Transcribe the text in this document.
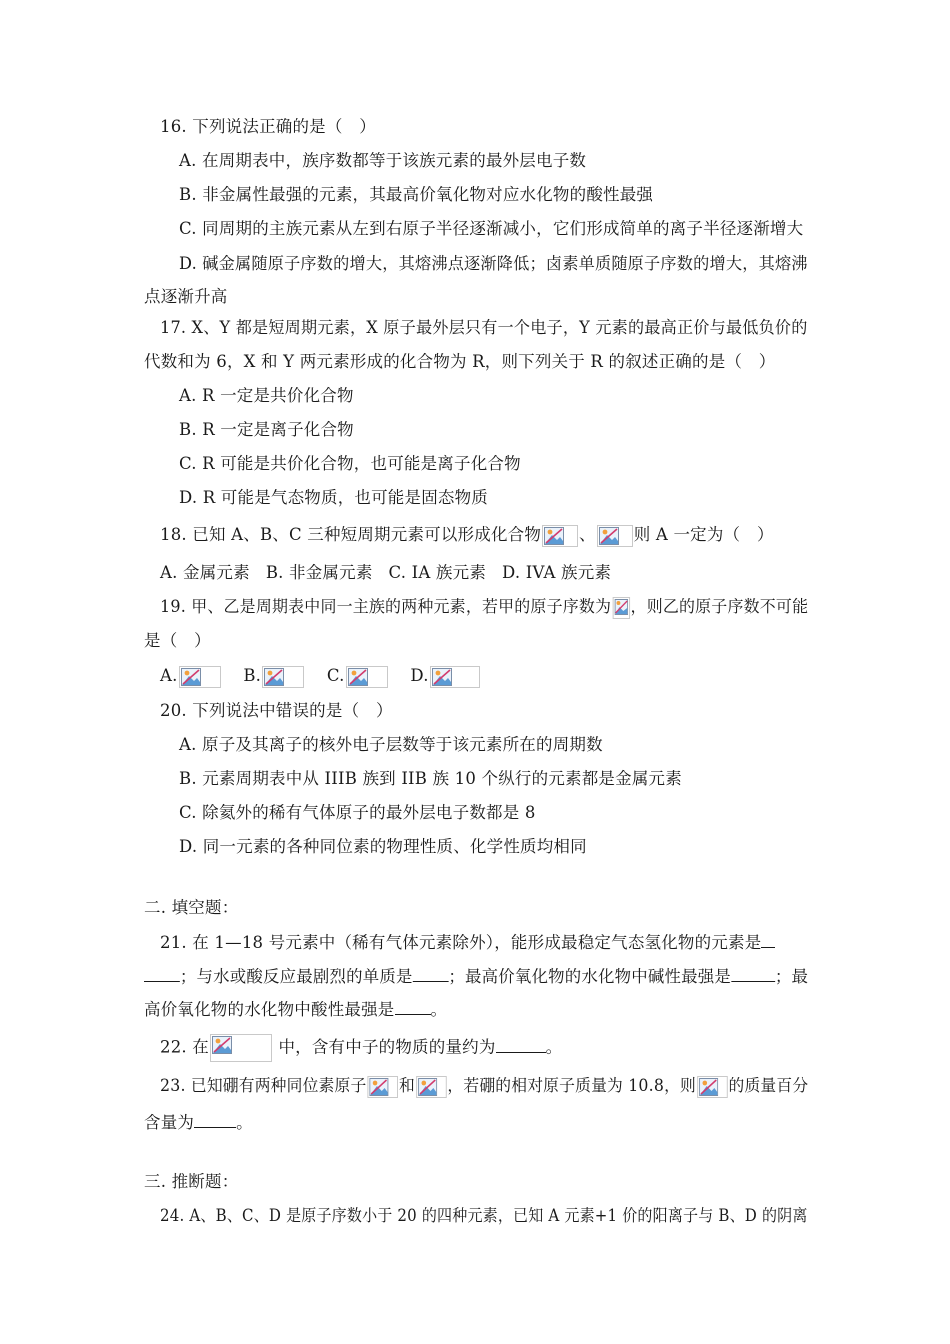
16. 下列说法正确的是（　）
A. 在周期表中，族序数都等于该族元素的最外层电子数
B. 非金属性最强的元素，其最高价氧化物对应水化物的酸性最强
C. 同周期的主族元素从左到右原子半径逐渐减小，它们形成简单的离子半径逐渐增大
D. 碱金属随原子序数的增大，其熔沸点逐渐降低；卤素单质随原子序数的增大，其熔沸
点逐渐升高
17. X、Y 都是短周期元素，X 原子最外层只有一个电子，Y 元素的最高正价与最低负价的
代数和为 6，X 和 Y 两元素形成的化合物为 R，则下列关于 R 的叙述正确的是（　）
A. R 一定是共价化合物
B. R 一定是离子化合物
C. R 可能是共价化合物，也可能是离子化合物
D. R 可能是气态物质，也可能是固态物质
18. 已知 A、B、C 三种短周期元素可以形成化合物 、 则 A 一定为（　）
A. 金属元素 B. 非金属元素 C. IA 族元素 D. IVA 族元素
19. 甲、乙是周期表中同一主族的两种元素，若甲的原子序数为 ，则乙的原子序数不可能
是（　）
A.	B.	C.	D.
20. 下列说法中错误的是（　）
A. 原子及其离子的核外电子层数等于该元素所在的周期数
B. 元素周期表中从 IIIB 族到 IIB 族 10 个纵行的元素都是金属元素
C. 除氦外的稀有气体原子的最外层电子数都是 8
D. 同一元素的各种同位素的物理性质、化学性质均相同
二. 填空题：
21. 在 1—18 号元素中（稀有气体元素除外），能形成最稳定气态氢化物的元素是
；与水或酸反应最剧烈的单质是 ；最高价氧化物的水化物中碱性最强是	；最
高价氧化物的水化物中酸性最强是 。
22. 在	中，含有中子的物质的量约为	。
23. 已知硼有两种同位素原子 和 ，若硼的相对原子质量为 10.8，则 的质量百分
含量为	。
三. 推断题：
24. A、B、C、D 是原子序数小于 20 的四种元素，已知 A 元素+1 价的阳离子与 B、D 的阴离
